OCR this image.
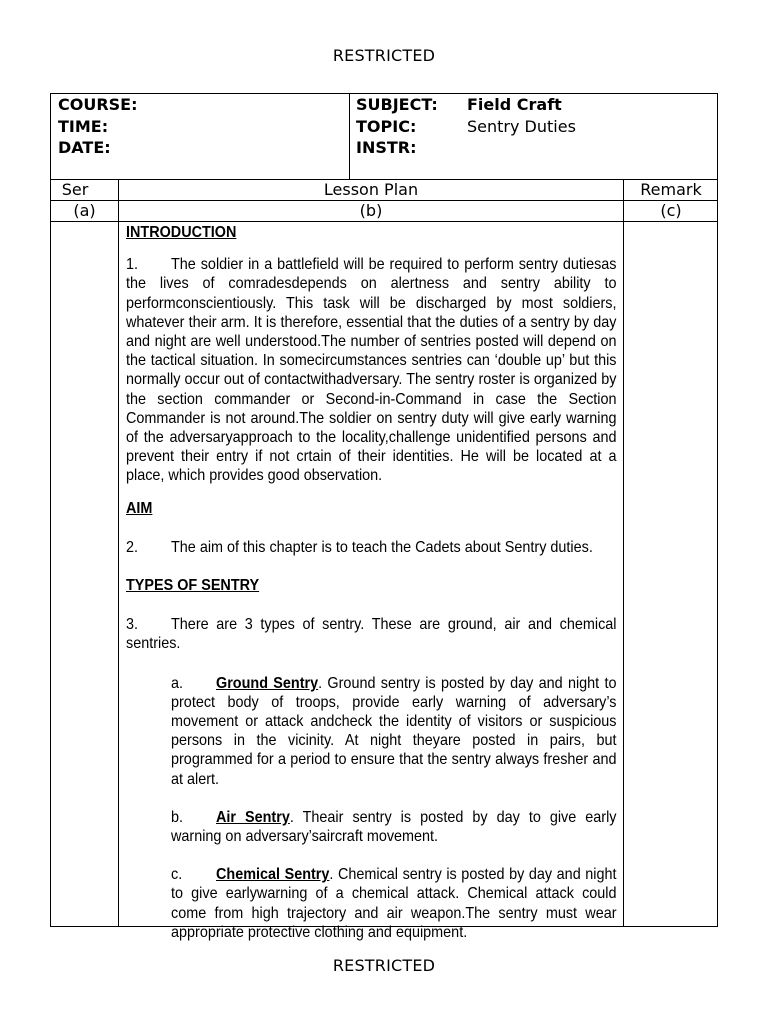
RESTRICTED
COURSE:
TIME:
DATE:
SUBJECT: Field Craft
TOPIC:	Sentry Duties
INSTR:
Ser	Lesson Plan	Remark
(a)	(b)	(c)
INTRODUCTION

1. The soldier in a battlefield will be required to perform sentry dutiesas the lives of comradesdepends on alertness and sentry ability to performconscientiously. This task will be discharged by most soldiers, whatever their arm. It is therefore, essential that the duties of a sentry by day and night are well understood.The number of sentries posted will depend on the tactical situation. In somecircumstances sentries can ‘double up’ but this normally occur out of contactwithadversary. The sentry roster is organized by the section commander or Second-in-Command in case the Section Commander is not around.The soldier on sentry duty will give early warning of the adversaryapproach to the locality,challenge unidentified persons and prevent their entry if not crtain of their identities. He will be located at a place, which provides good observation.

AIM

2. The aim of this chapter is to teach the Cadets about Sentry duties.

TYPES OF SENTRY

3. There are 3 types of sentry. These are ground, air and chemical sentries.

a. Ground Sentry. Ground sentry is posted by day and night to protect body of troops, provide early warning of adversary’s movement or attack andcheck the identity of visitors or suspicious persons in the vicinity. At night theyare posted in pairs, but programmed for a period to ensure that the sentry always fresher and at alert.

b. Air Sentry. Theair sentry is posted by day to give early warning on adversary’saircraft movement.

c. Chemical Sentry. Chemical sentry is posted by day and night to give earlywarning of a chemical attack. Chemical attack could come from high trajectory and air weapon.The sentry must wear appropriate protective clothing and equipment.

RESTRICTED
